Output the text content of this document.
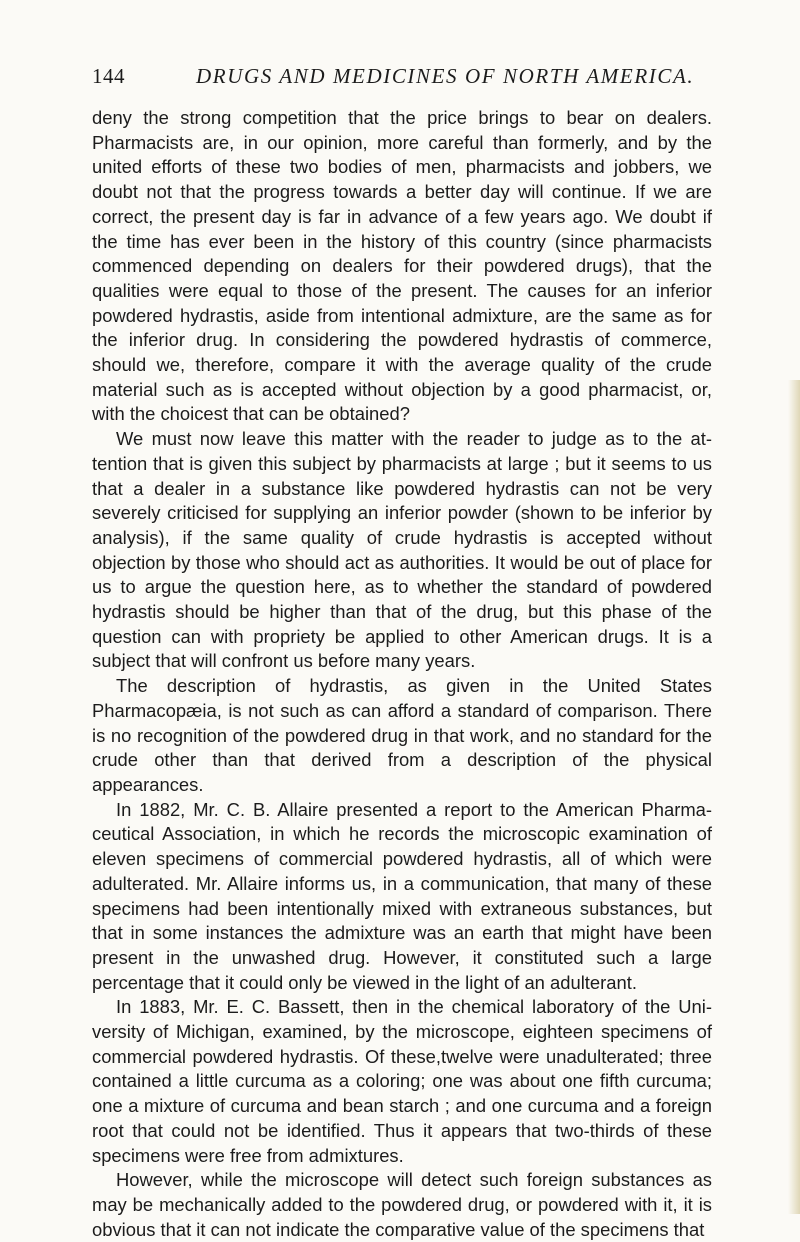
144	DRUGS AND MEDICINES OF NORTH AMERICA.

deny the strong competition that the price brings to bear on dealers. Pharmacists are, in our opinion, more careful than formerly, and by the united efforts of these two bodies of men, pharmacists and jobbers, we doubt not that the progress towards a better day will continue. If we are correct, the present day is far in advance of a few years ago. We doubt if the time has ever been in the history of this country (since pharmacists commenced depending on dealers for their powdered drugs), that the qualities were equal to those of the present. The causes for an inferior powdered hydrastis, aside from intentional admixture, are the same as for the inferior drug. In considering the powdered hydrastis of commerce, should we, therefore, compare it with the average quality of the crude material such as is accepted without objection by a good pharmacist, or, with the choicest that can be obtained?

We must now leave this matter with the reader to judge as to the attention that is given this subject by pharmacists at large ; but it seems to us that a dealer in a substance like powdered hydrastis can not be very severely criticised for supplying an inferior powder (shown to be inferior by analysis), if the same quality of crude hydrastis is accepted without objection by those who should act as authorities. It would be out of place for us to argue the question here, as to whether the standard of powdered hydrastis should be higher than that of the drug, but this phase of the question can with propriety be applied to other American drugs. It is a subject that will confront us before many years.

The description of hydrastis, as given in the United States Pharmacopæia, is not such as can afford a standard of comparison. There is no recognition of the powdered drug in that work, and no standard for the crude other than that derived from a description of the physical appearances.

In 1882, Mr. C. B. Allaire presented a report to the American Pharmaceutical Association, in which he records the microscopic examination of eleven specimens of commercial powdered hydrastis, all of which were adulterated. Mr. Allaire informs us, in a communication, that many of these specimens had been intentionally mixed with extraneous substances, but that in some instances the admixture was an earth that might have been present in the unwashed drug. However, it constituted such a large percentage that it could only be viewed in the light of an adulterant.

In 1883, Mr. E. C. Bassett, then in the chemical laboratory of the University of Michigan, examined, by the microscope, eighteen specimens of commercial powdered hydrastis. Of these,twelve were unadulterated; three contained a little curcuma as a coloring; one was about one fifth curcuma; one a mixture of curcuma and bean starch ; and one curcuma and a foreign root that could not be identified. Thus it appears that two-thirds of these specimens were free from admixtures.

However, while the microscope will detect such foreign substances as may be mechanically added to the powdered drug, or powdered with it, it is obvious that it can not indicate the comparative value of the specimens that
